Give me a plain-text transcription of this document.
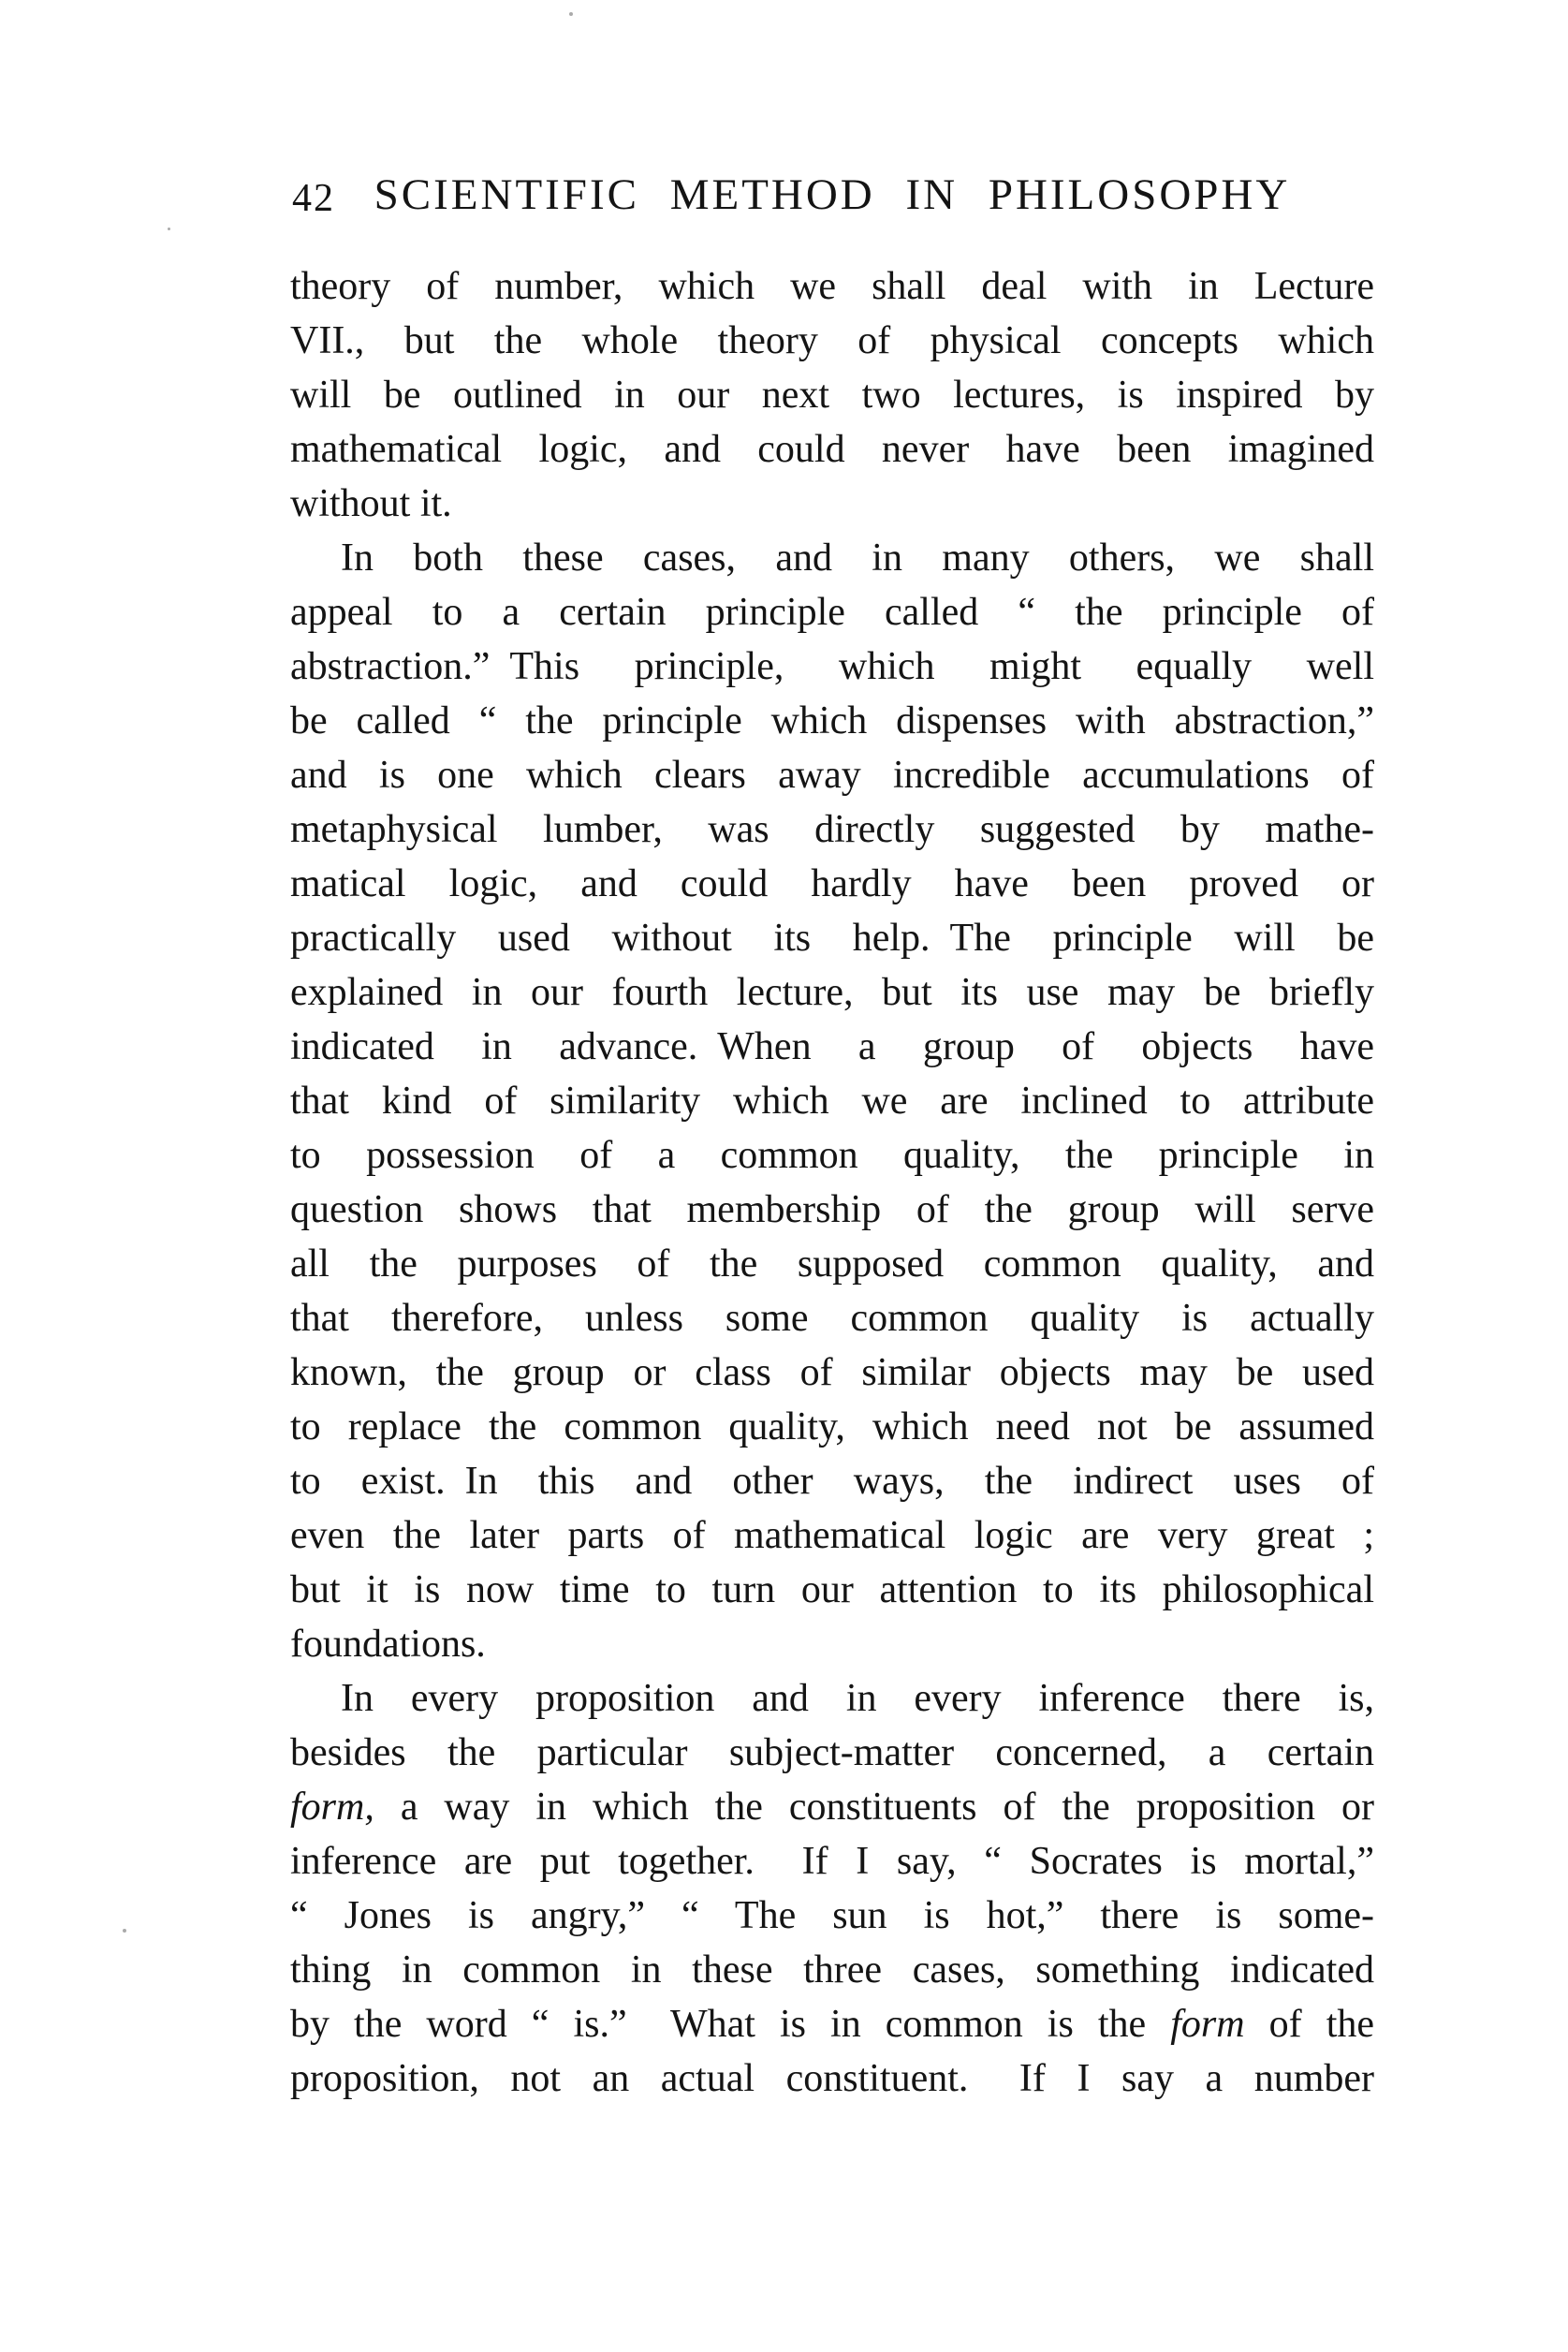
42 SCIENTIFIC METHOD IN PHILOSOPHY
theory of number, which we shall deal with in Lecture
VII., but the whole theory of physical concepts which
will be outlined in our next two lectures, is inspired by
mathematical logic, and could never have been imagined
without it.
In both these cases, and in many others, we shall
appeal to a certain principle called “ the principle of
abstraction.” This principle, which might equally well
be called “ the principle which dispenses with abstraction,”
and is one which clears away incredible accumulations of
metaphysical lumber, was directly suggested by mathe-
matical logic, and could hardly have been proved or
practically used without its help. The principle will be
explained in our fourth lecture, but its use may be briefly
indicated in advance. When a group of objects have
that kind of similarity which we are inclined to attribute
to possession of a common quality, the principle in
question shows that membership of the group will serve
all the purposes of the supposed common quality, and
that therefore, unless some common quality is actually
known, the group or class of similar objects may be used
to replace the common quality, which need not be assumed
to exist. In this and other ways, the indirect uses of
even the later parts of mathematical logic are very great ;
but it is now time to turn our attention to its philosophical
foundations.
In every proposition and in every inference there is,
besides the particular subject-matter concerned, a certain
form, a way in which the constituents of the proposition or
inference are put together.  If I say, “ Socrates is mortal,”
“ Jones is angry,” “ The sun is hot,” there is some-
thing in common in these three cases, something indicated
by the word “ is.”  What is in common is the form of the
proposition, not an actual constituent.  If I say a number
